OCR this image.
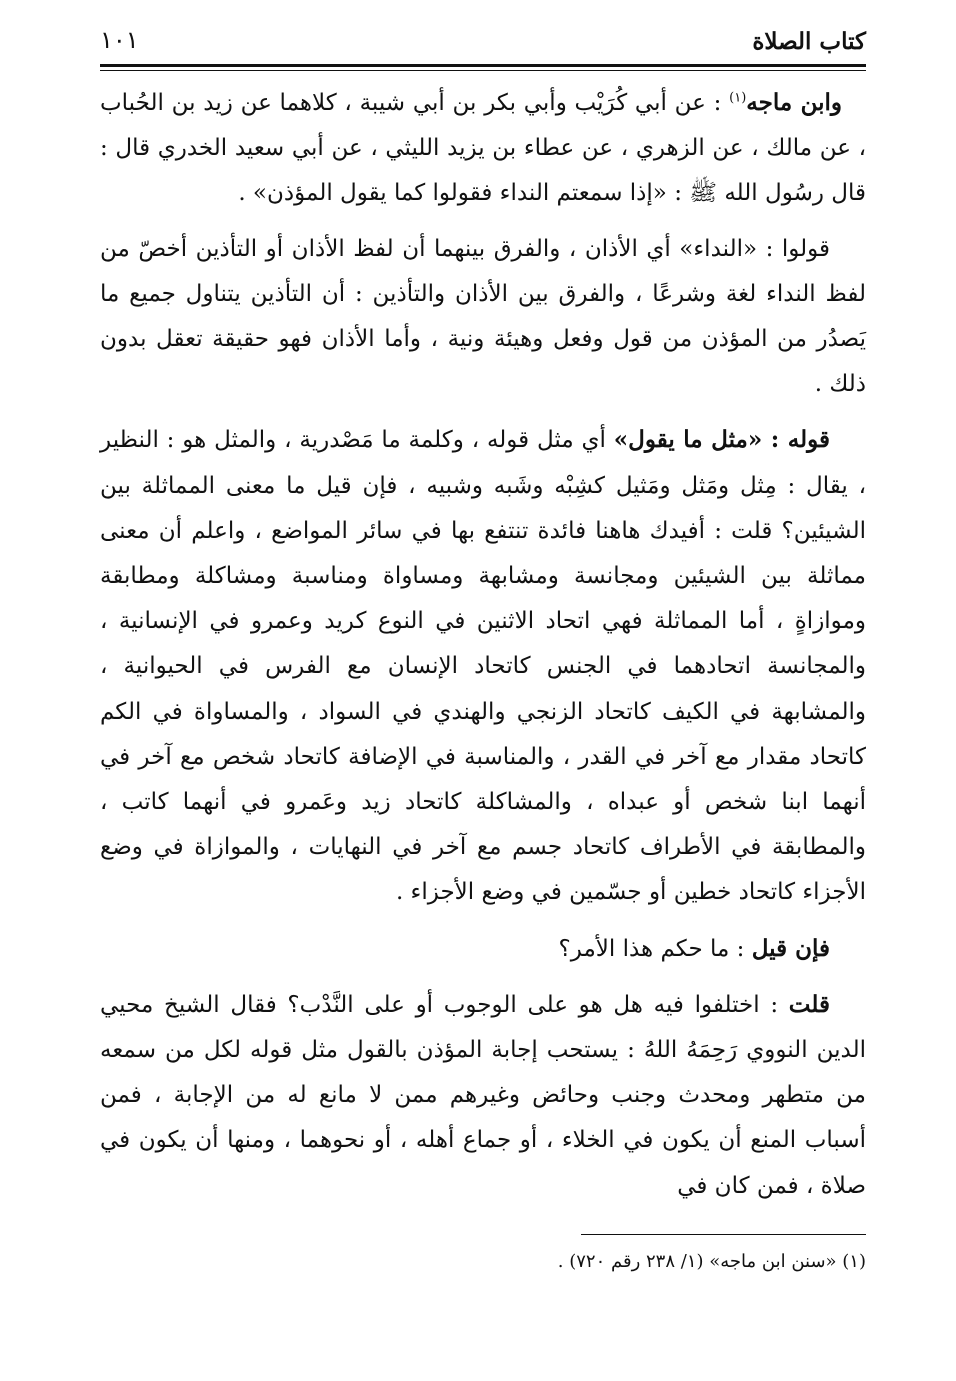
كتاب الصلاة
١٠١

وابن ماجه$^{(١)}$ : عن أبي كُرَيْب وأبي بكر بن أبي شيبة ، كلاهما عن زيد بن الحُباب ، عن مالك ، عن الزهري ، عن عطاء بن يزيد الليثي ، عن أبي سعيد الخدري قال : قال رسُول الله ﷺ : «إذا سمعتم النداء فقولوا كما يقول المؤذن» .

قولوا : «النداء» أي الأذان ، والفرق بينهما أن لفظ الأذان أو التأذين أخصّ من لفظ النداء لغة وشرعًا ، والفرق بين الأذان والتأذين : أن التأذين يتناول جميع ما يَصدُر من المؤذن من قول وفعل وهيئة ونية ، وأما الأذان فهو حقيقة تعقل بدون ذلك .

قوله : «مثل ما يقول» أي مثل قوله ، وكلمة ما مَصْدرية ، والمثل هو : النظير ، يقال : مِثل ومَثل ومَثيل كشِبْه وشَبه وشبيه ، فإن قيل ما معنى المماثلة بين الشيئين؟ قلت : أفيدك هاهنا فائدة تنتفع بها في سائر المواضع ، واعلم أن معنى مماثلة بين الشيئين ومجانسة ومشابهة ومساواة ومناسبة ومشاكلة ومطابقة وموازاةٍ ، أما المماثلة فهي اتحاد الاثنين في النوع كريد وعمرو في الإنسانية ، والمجانسة اتحادهما في الجنس كاتحاد الإنسان مع الفرس في الحيوانية ، والمشابهة في الكيف كاتحاد الزنجي والهندي في السواد ، والمساواة في الكم كاتحاد مقدار مع آخر في القدر ، والمناسبة في الإضافة كاتحاد شخص مع آخر في أنهما ابنا شخص أو عبداه ، والمشاكلة كاتحاد زيد وعَمرو في أنهما كاتب ، والمطابقة في الأطراف كاتحاد جسم مع آخر في النهايات ، والموازاة في وضع الأجزاء كاتحاد خطين أو جسّمين في وضع الأجزاء .

فإن قيل : ما حكم هذا الأمر؟

قلت : اختلفوا فيه هل هو على الوجوب أو على النَّدْب؟ فقال الشيخ محيي الدين النووي رَحِمَهُ اللهُ : يستحب إجابة المؤذن بالقول مثل قوله لكل من سمعه من متطهر ومحدث وجنب وحائض وغيرهم ممن لا مانع له من الإجابة ، فمن أسباب المنع أن يكون في الخلاء ، أو جماع أهله ، أو نحوهما ، ومنها أن يكون في صلاة ، فمن كان في

(١) «سنن ابن ماجه» (١/ ٢٣٨ رقم ٧٢٠) .
